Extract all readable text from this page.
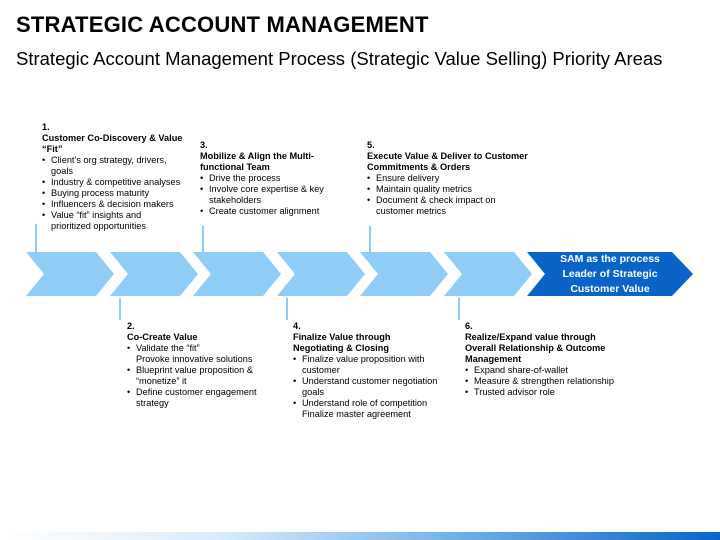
STRATEGIC ACCOUNT MANAGEMENT
Strategic Account Management Process (Strategic Value Selling) Priority Areas
SAM as the process
Leader of Strategic
Customer Value
1.
Customer Co-Discovery & Value
“Fit”
• Client’s org strategy, drivers,
goals
• Industry & competitive analyses
• Buying process maturity
• Influencers & decision makers
• Value “fit” insights and
prioritized opportunities
3.
Mobilize & Align the Multi-
functional Team
• Drive the process
• Involve core expertise & key
stakeholders
• Create customer alignment
5.
Execute Value & Deliver to Customer
Commitments & Orders
• Ensure delivery
• Maintain quality metrics
• Document & check impact on
customer metrics
2.
Co-Create Value
• Validate the “fit”
Provoke innovative solutions
• Blueprint value proposition &
“monetize” it
• Define customer engagement
strategy
4.
Finalize Value through
Negotiating & Closing
• Finalize value proposition with
customer
• Understand customer negotiation
goals
• Understand role of competition
Finalize master agreement
6.
Realize/Expand value through
Overall Relationship & Outcome
Management
• Expand share-of-wallet
• Measure & strengthen relationship
• Trusted advisor role
